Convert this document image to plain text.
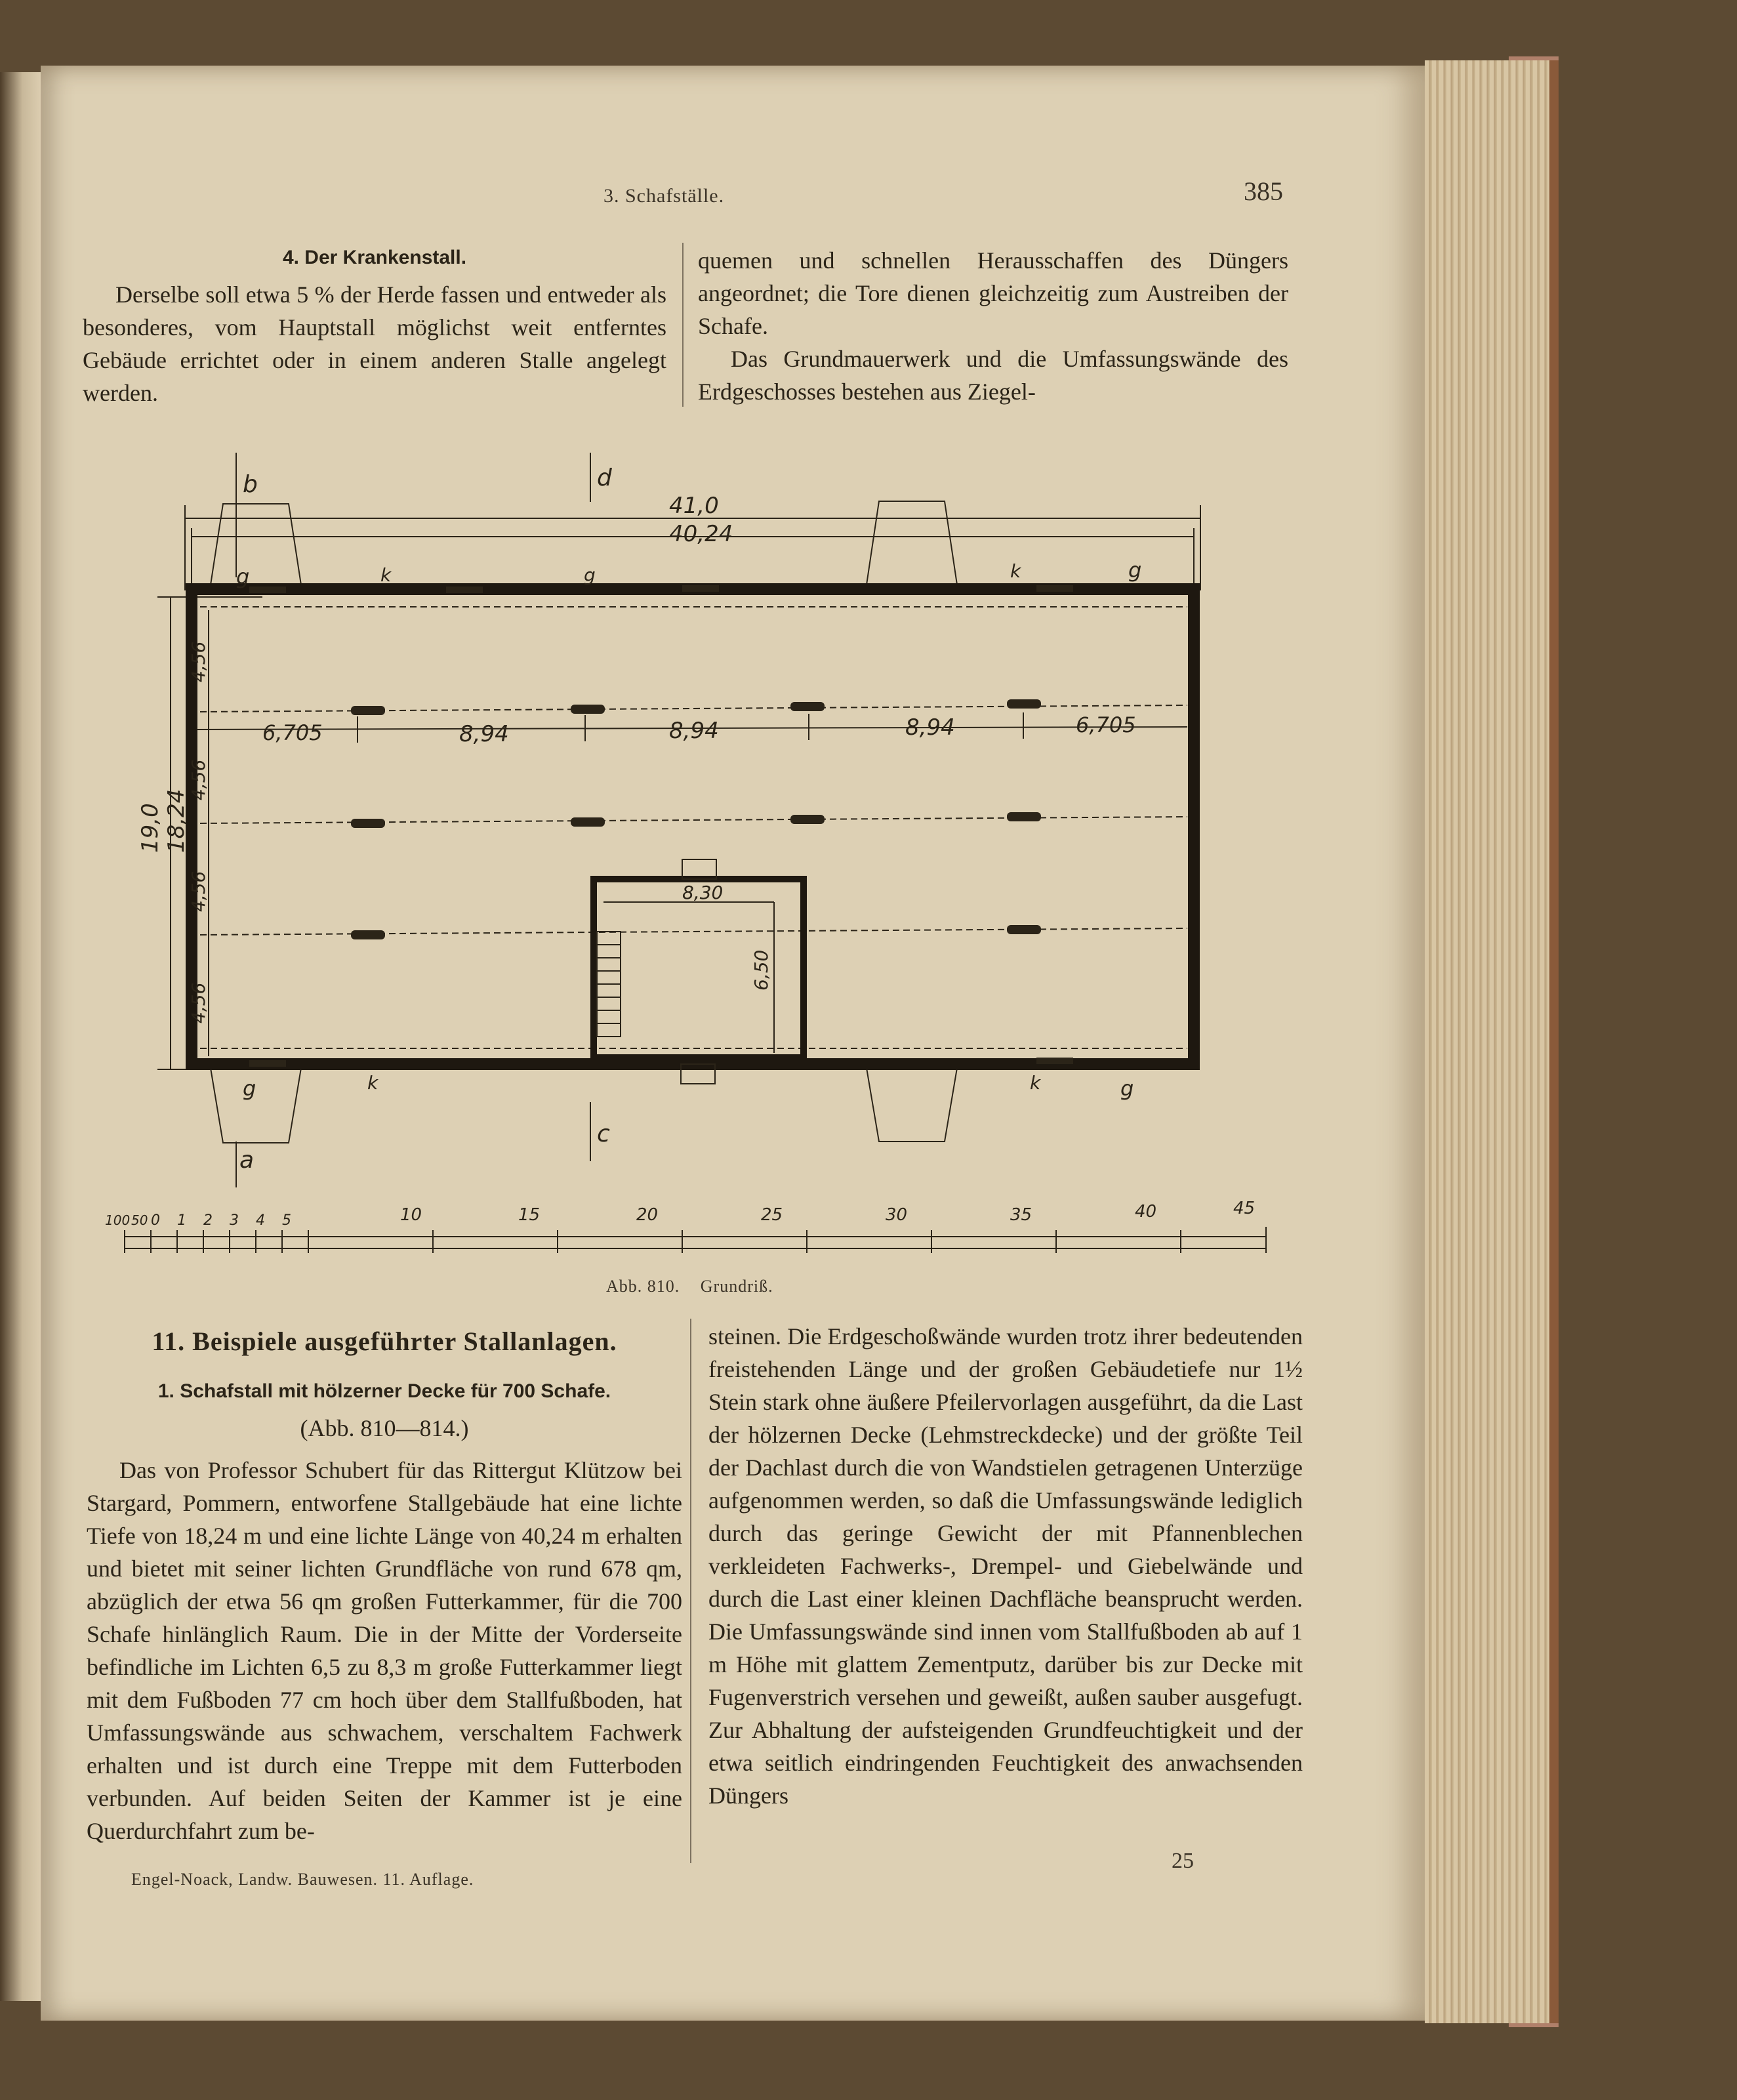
3. Schafställe.	385
4. Der Krankenstall.

Derselbe soll etwa 5 % der Herde fassen und entweder als besonderes, vom Hauptstall möglichst weit entferntes Gebäude errichtet oder in einem anderen Stalle angelegt werden.

quemen und schnellen Herausschaffen des Düngers angeordnet; die Tore dienen gleichzeitig zum Austreiben der Schafe.

Das Grundmauerwerk und die Umfassungswände des Erdgeschosses bestehen aus Ziegel-

g	k	g	k	g
g	k	k	g
b
a
d
c
41,0
40,24
19,0 18,24
4,56
4,56
4,56
4,56
6,705	8,94	8,94	8,94	6,705
8,30
6,50
100 50 0 1 2 3 4 5	10	15	20	25	30	35	40	45
Abb. 810. Grundriß.
11. Beispiele ausgeführter Stallanlagen.
1. Schafstall mit hölzerner Decke für 700 Schafe.
(Abb. 810—814.)

Das von Professor Schubert für das Rittergut Klützow bei Stargard, Pommern, entworfene Stallgebäude hat eine lichte Tiefe von 18,24 m und eine lichte Länge von 40,24 m erhalten und bietet mit seiner lichten Grundfläche von rund 678 qm, abzüglich der etwa 56 qm großen Futterkammer, für die 700 Schafe hinlänglich Raum. Die in der Mitte der Vorderseite befindliche im Lichten 6,5 zu 8,3 m große Futterkammer liegt mit dem Fußboden 77 cm hoch über dem Stallfußboden, hat Umfassungswände aus schwachem, verschaltem Fachwerk erhalten und ist durch eine Treppe mit dem Futterboden verbunden. Auf beiden Seiten der Kammer ist je eine Querdurchfahrt zum be-

steinen. Die Erdgeschoßwände wurden trotz ihrer bedeutenden freistehenden Länge und der großen Gebäudetiefe nur 1½ Stein stark ohne äußere Pfeilervorlagen ausgeführt, da die Last der hölzernen Decke (Lehmstreckdecke) und der größte Teil der Dachlast durch die von Wandstielen getragenen Unterzüge aufgenommen werden, so daß die Umfassungswände lediglich durch das geringe Gewicht der mit Pfannenblechen verkleideten Fachwerks-, Drempel- und Giebelwände und durch die Last einer kleinen Dachfläche beansprucht werden. Die Umfassungswände sind innen vom Stallfußboden ab auf 1 m Höhe mit glattem Zementputz, darüber bis zur Decke mit Fugenverstrich versehen und geweißt, außen sauber ausgefugt. Zur Abhaltung der aufsteigenden Grundfeuchtigkeit und der etwa seitlich eindringenden Feuchtigkeit des anwachsenden Düngers

Engel-Noack, Landw. Bauwesen. 11. Auflage.
25
